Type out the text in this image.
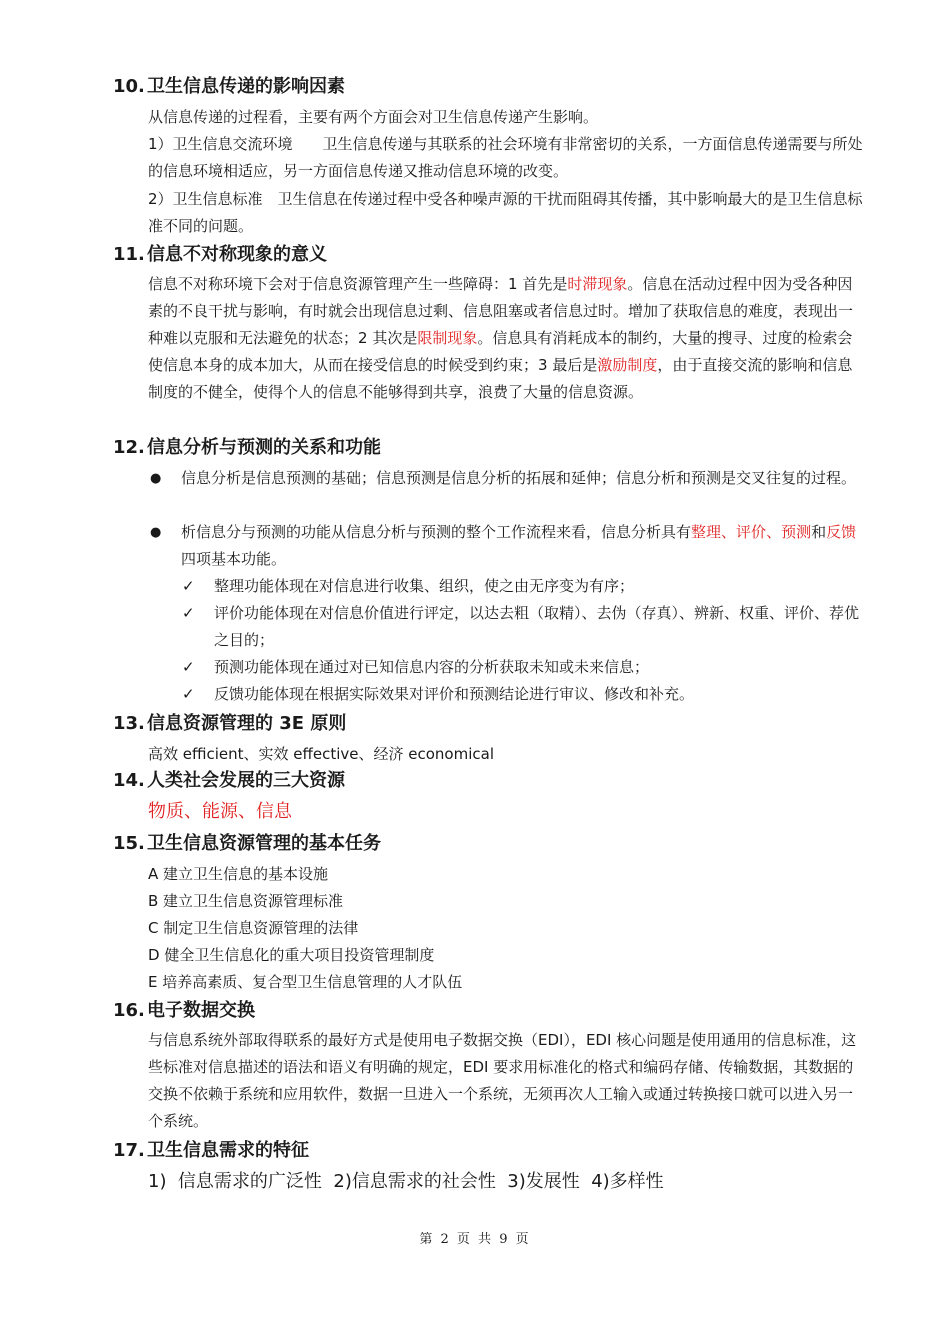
10. 卫生信息传递的影响因素
从信息传递的过程看，主要有两个方面会对卫生信息传递产生影响。
1）卫生信息交流环境　　卫生信息传递与其联系的社会环境有非常密切的关系，一方面信息传递需要与所处的信息环境相适应，另一方面信息传递又推动信息环境的改变。
2）卫生信息标准　卫生信息在传递过程中受各种噪声源的干扰而阻碍其传播，其中影响最大的是卫生信息标准不同的问题。
11. 信息不对称现象的意义
信息不对称环境下会对于信息资源管理产生一些障碍：1 首先是时滞现象。信息在活动过程中因为受各种因素的不良干扰与影响，有时就会出现信息过剩、信息阻塞或者信息过时。增加了获取信息的难度，表现出一种难以克服和无法避免的状态；2 其次是限制现象。信息具有消耗成本的制约，大量的搜寻、过度的检索会使信息本身的成本加大，从而在接受信息的时候受到约束；3 最后是激励制度，由于直接交流的影响和信息制度的不健全，使得个人的信息不能够得到共享，浪费了大量的信息资源。
12. 信息分析与预测的关系和功能
● 信息分析是信息预测的基础；信息预测是信息分析的拓展和延伸；信息分析和预测是交叉往复的过程。
● 析信息分与预测的功能从信息分析与预测的整个工作流程来看，信息分析具有整理、评价、预测和反馈四项基本功能。
✓ 整理功能体现在对信息进行收集、组织，使之由无序变为有序；
✓ 评价功能体现在对信息价值进行评定，以达去粗（取精）、去伪（存真）、辨新、权重、评价、荐优之目的；
✓ 预测功能体现在通过对已知信息内容的分析获取未知或未来信息；
✓ 反馈功能体现在根据实际效果对评价和预测结论进行审议、修改和补充。
13. 信息资源管理的 3E 原则
高效 efficient、实效 effective、经济 economical
14. 人类社会发展的三大资源
物质、能源、信息
15. 卫生信息资源管理的基本任务
A 建立卫生信息的基本设施
B 建立卫生信息资源管理标准
C 制定卫生信息资源管理的法律
D 健全卫生信息化的重大项目投资管理制度
E 培养高素质、复合型卫生信息管理的人才队伍
16. 电子数据交换
与信息系统外部取得联系的最好方式是使用电子数据交换（EDI），EDI 核心问题是使用通用的信息标准，这些标准对信息描述的语法和语义有明确的规定，EDI 要求用标准化的格式和编码存储、传输数据，其数据的交换不依赖于系统和应用软件，数据一旦进入一个系统，无须再次人工输入或通过转换接口就可以进入另一个系统。
17. 卫生信息需求的特征
1)  信息需求的广泛性  2)信息需求的社会性  3)发展性  4)多样性
第 2 页 共 9 页
